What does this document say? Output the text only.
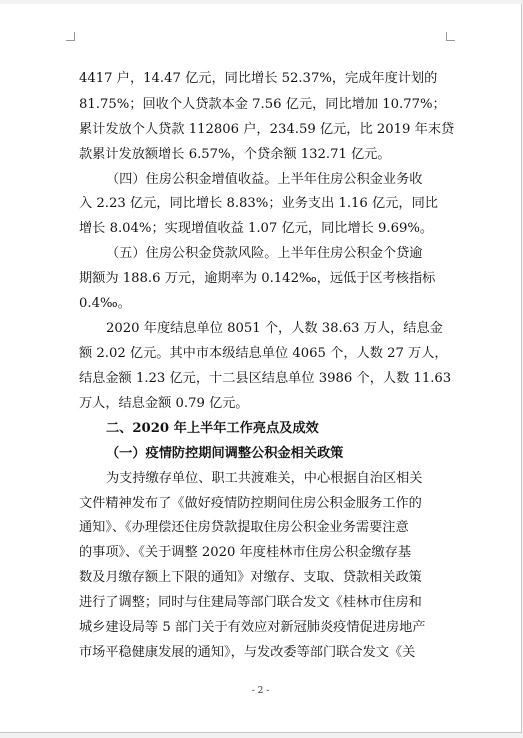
4417 户，14.47 亿元，同比增长 52.37%，完成年度计划的
81.75%；回收个人贷款本金 7.56 亿元，同比增加 10.77%；
累计发放个人贷款 112806 户，234.59 亿元，比 2019 年末贷
款累计发放额增长 6.57%，个贷余额 132.71 亿元。
（四）住房公积金增值收益。上半年住房公积金业务收
入 2.23 亿元，同比增长 8.83%；业务支出 1.16 亿元，同比
增长 8.04%；实现增值收益 1.07 亿元，同比增长 9.69%。
（五）住房公积金贷款风险。上半年住房公积金个贷逾
期额为 188.6 万元，逾期率为 0.142‰，远低于区考核指标
0.4‰。
2020 年度结息单位 8051 个，人数 38.63 万人，结息金
额 2.02 亿元。其中市本级结息单位 4065 个，人数 27 万人，
结息金额 1.23 亿元，十二县区结息单位 3986 个，人数 11.63
万人，结息金额 0.79 亿元。
二、2020 年上半年工作亮点及成效
（一）疫情防控期间调整公积金相关政策
为支持缴存单位、职工共渡难关，中心根据自治区相关
文件精神发布了《做好疫情防控期间住房公积金服务工作的
通知》、《办理偿还住房贷款提取住房公积金业务需要注意
的事项》、《关于调整 2020 年度桂林市住房公积金缴存基
数及月缴存额上下限的通知》对缴存、支取、贷款相关政策
进行了调整；同时与住建局等部门联合发文《桂林市住房和
城乡建设局等 5 部门关于有效应对新冠肺炎疫情促进房地产
市场平稳健康发展的通知》，与发改委等部门联合发文《关
- 2 -
